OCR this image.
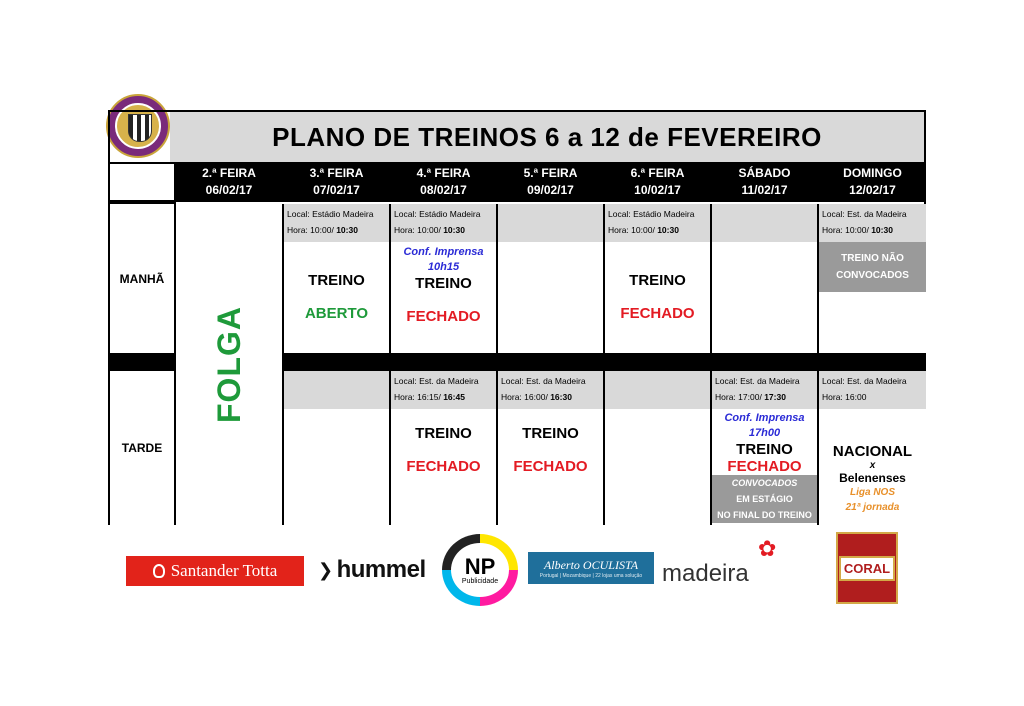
PLANO DE TREINOS 6 a 12 de FEVEREIRO
2.ª FEIRA
06/02/17
3.ª FEIRA
07/02/17
4.ª FEIRA
08/02/17
5.ª FEIRA
09/02/17
6.ª FEIRA
10/02/17
SÁBADO
11/02/17
DOMINGO
12/02/17
MANHÃ
TARDE
FOLGA
Local: Estádio Madeira
Hora: 10:00/ 10:30
TREINO
ABERTO
Local: Estádio Madeira
Hora: 10:00/ 10:30
Conf. Imprensa
10h15
TREINO
FECHADO
Local: Estádio Madeira
Hora: 10:00/ 10:30
TREINO
FECHADO
Local: Est. da Madeira
Hora: 10:00/ 10:30
TREINO NÃO
CONVOCADOS
Local: Est. da Madeira
Hora: 16:15/ 16:45
TREINO
FECHADO
Local: Est. da Madeira
Hora: 16:00/ 16:30
TREINO
FECHADO
Local: Est. da Madeira
Hora: 17:00/ 17:30
Conf. Imprensa
17h00
TREINO
FECHADO
CONVOCADOS
EM ESTÁGIO
NO FINAL DO TREINO
Local: Est. da Madeira
Hora: 16:00
NACIONAL
x
Belenenses
Liga NOS
21ª jornada
Santander Totta ❯ hummel NP
Publicidade
Alberto OCULISTA
Portugal | Mozambique | 22 lojas uma solução madeira
✿
CORAL
